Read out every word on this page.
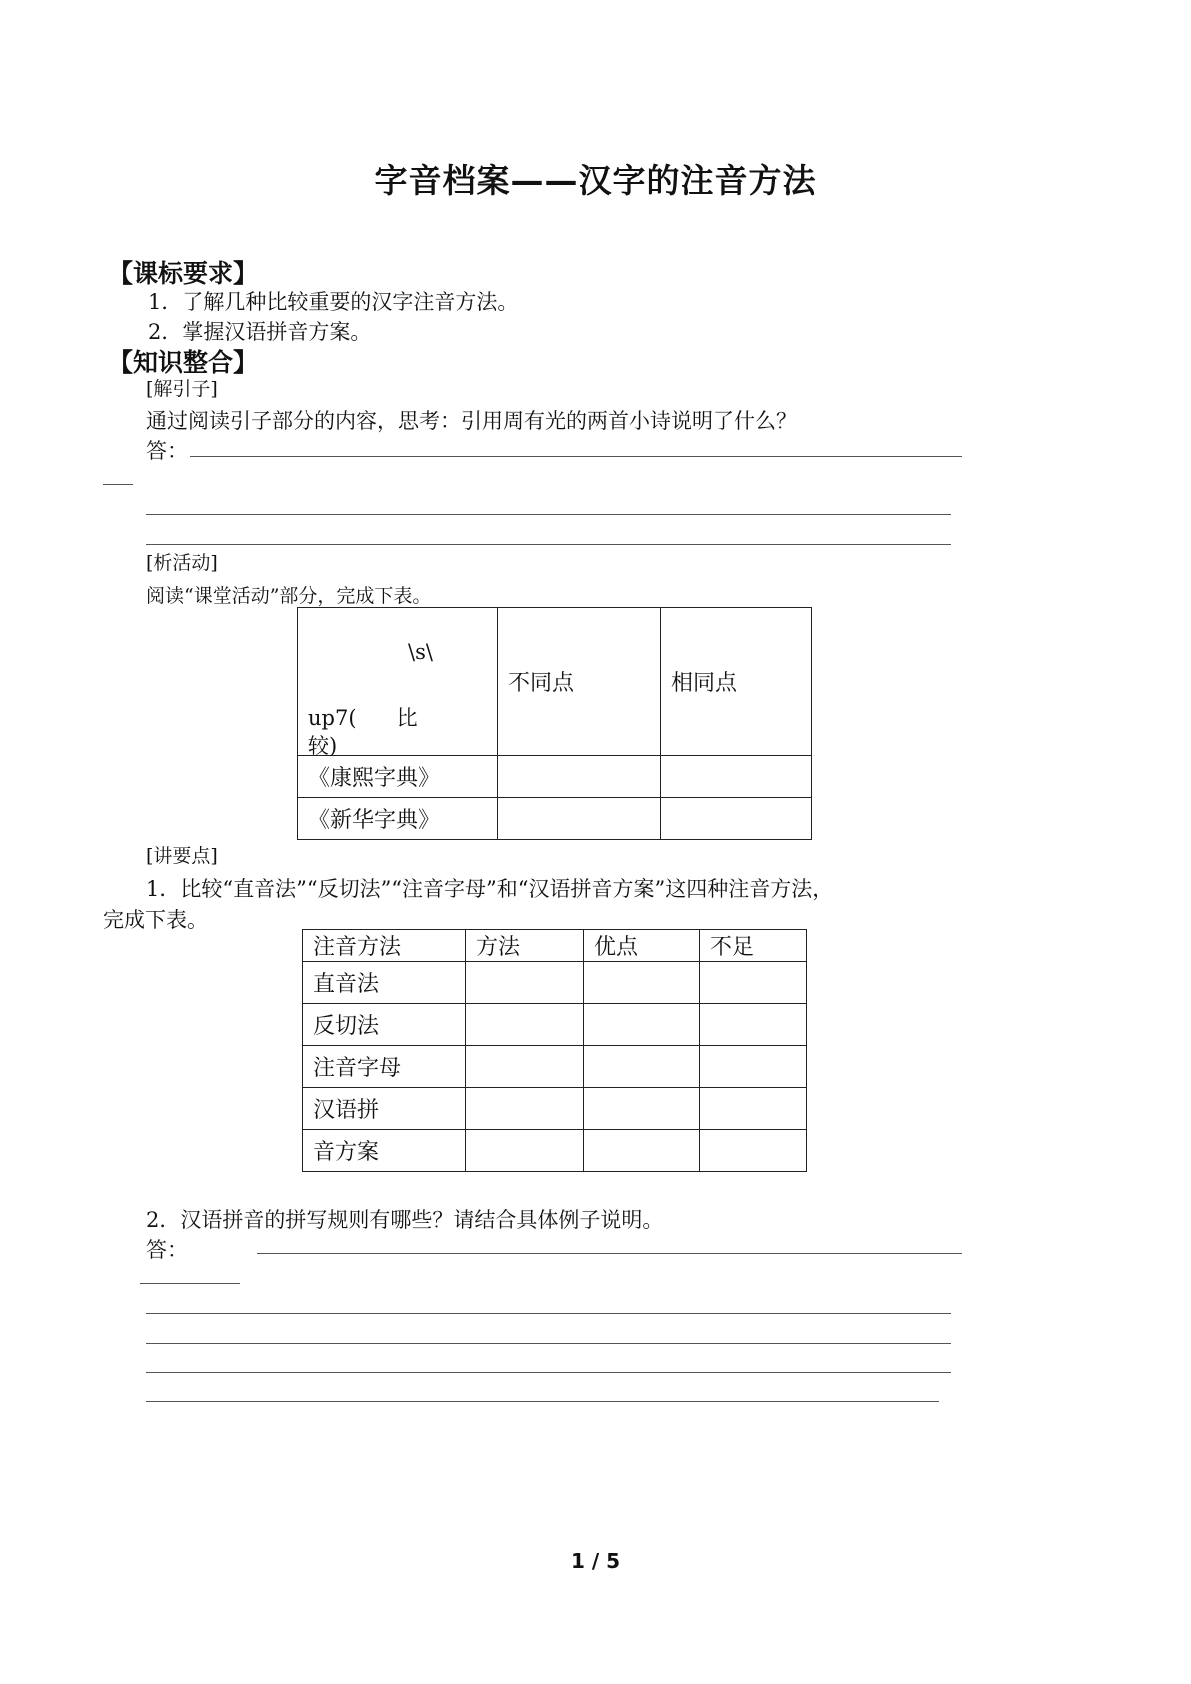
字音档案——汉字的注音方法
【课标要求】
1．了解几种比较重要的汉字注音方法。
2．掌握汉语拼音方案。
【知识整合】
[解引子]
通过阅读引子部分的内容，思考：引用周有光的两首小诗说明了什么？
答：
[析活动]
阅读“课堂活动”部分，完成下表。
\s\
up7(      比
较)	不同点	相同点
《康熙字典》		
《新华字典》		
[讲要点]
1．比较“直音法”“反切法”“注音字母”和“汉语拼音方案”这四种注音方法，
完成下表。
注音方法	方法	优点	不足
直音法			
反切法			
注音字母			
汉语拼			
音方案			
2．汉语拼音的拼写规则有哪些？请结合具体例子说明。
答：
1 / 5
